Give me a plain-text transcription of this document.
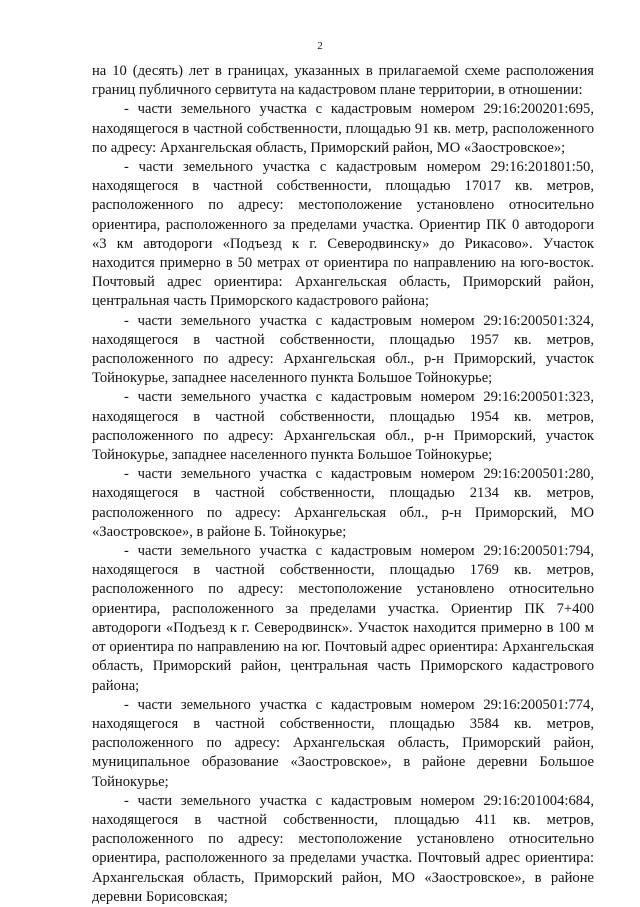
2

на 10 (десять) лет в границах, указанных в прилагаемой схеме расположения границ публичного сервитута на кадастровом плане территории, в отношении:

- части земельного участка с кадастровым номером 29:16:200201:695, находящегося в частной собственности, площадью 91 кв. метр, расположенного по адресу: Архангельская область, Приморский район, МО «Заостровское»;

- части земельного участка с кадастровым номером 29:16:201801:50, находящегося в частной собственности, площадью 17017 кв. метров, расположенного по адресу: местоположение установлено относительно ориентира, расположенного за пределами участка. Ориентир ПК 0 автодороги «3 км автодороги «Подъезд к г. Северодвинску» до Рикасово». Участок находится примерно в 50 метрах от ориентира по направлению на юго-восток. Почтовый адрес ориентира: Архангельская область, Приморский район, центральная часть Приморского кадастрового района;

- части земельного участка с кадастровым номером 29:16:200501:324, находящегося в частной собственности, площадью 1957 кв. метров, расположенного по адресу: Архангельская обл., р-н Приморский, участок Тойнокурье, западнее населенного пункта Большое Тойнокурье;

- части земельного участка с кадастровым номером 29:16:200501:323, находящегося в частной собственности, площадью 1954 кв. метров, расположенного по адресу: Архангельская обл., р-н Приморский, участок Тойнокурье, западнее населенного пункта Большое Тойнокурье;

- части земельного участка с кадастровым номером 29:16:200501:280, находящегося в частной собственности, площадью 2134 кв. метров, расположенного по адресу: Архангельская обл., р-н Приморский, МО «Заостровское», в районе Б. Тойнокурье;

- части земельного участка с кадастровым номером 29:16:200501:794, находящегося в частной собственности, площадью 1769 кв. метров, расположенного по адресу: местоположение установлено относительно ориентира, расположенного за пределами участка. Ориентир ПК 7+400 автодороги «Подъезд к г. Северодвинск». Участок находится примерно в 100 м от ориентира по направлению на юг. Почтовый адрес ориентира: Архангельская область, Приморский район, центральная часть Приморского кадастрового района;

- части земельного участка с кадастровым номером 29:16:200501:774, находящегося в частной собственности, площадью 3584 кв. метров, расположенного по адресу: Архангельская область, Приморский район, муниципальное образование «Заостровское», в районе деревни Большое Тойнокурье;

- части земельного участка с кадастровым номером 29:16:201004:684, находящегося в частной собственности, площадью 411 кв. метров, расположенного по адресу: местоположение установлено относительно ориентира, расположенного за пределами участка. Почтовый адрес ориентира: Архангельская область, Приморский район, МО «Заостровское», в районе деревни Борисовская;
